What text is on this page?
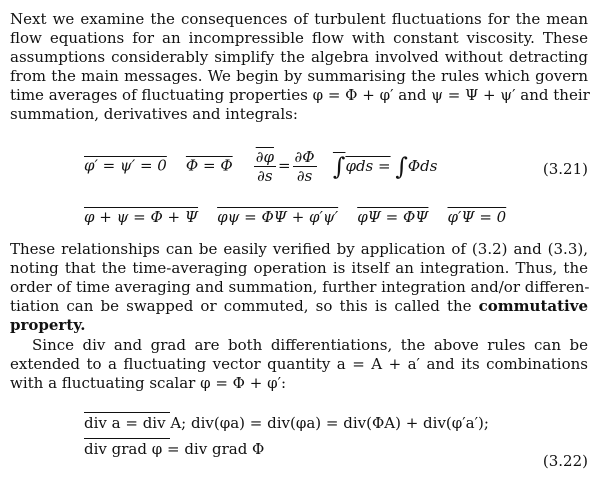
Next we examine the consequences of turbulent fluctuations for the mean
flow equations for an incompressible flow with constant viscosity. These
assumptions considerably simplify the algebra involved without detracting
from the main messages. We begin by summarising the rules which govern
time averages of fluctuating properties φ = Φ + φ′ and ψ = Ψ + ψ′ and their
summation, derivatives and integrals:

φ′ = ψ′ = 0 Φ = Φ $\frac{\partial\varphi}{\partial s} = \frac{\partial\Phi}{\partial s} \int\varphi ds = \int\Phi ds$	(3.21)
φ + ψ = Φ + Ψ φψ = ΦΨ + φ′ψ′ φΨ = ΦΨ φ′Ψ = 0

These relationships can be easily verified by application of (3.2) and (3.3),
noting that the time-averaging operation is itself an integration. Thus, the
order of time averaging and summation, further integration and/or differen-
tiation can be swapped or commuted, so this is called the commutative
property.

Since div and grad are both differentiations, the above rules can be
extended to a fluctuating vector quantity a = A + a′ and its combinations
with a fluctuating scalar φ = Φ + φ′:

div a = div A; div(φa) = div(φa) = div(ΦA) + div(φ′a′);
div grad φ = div grad Φ
(3.22)
